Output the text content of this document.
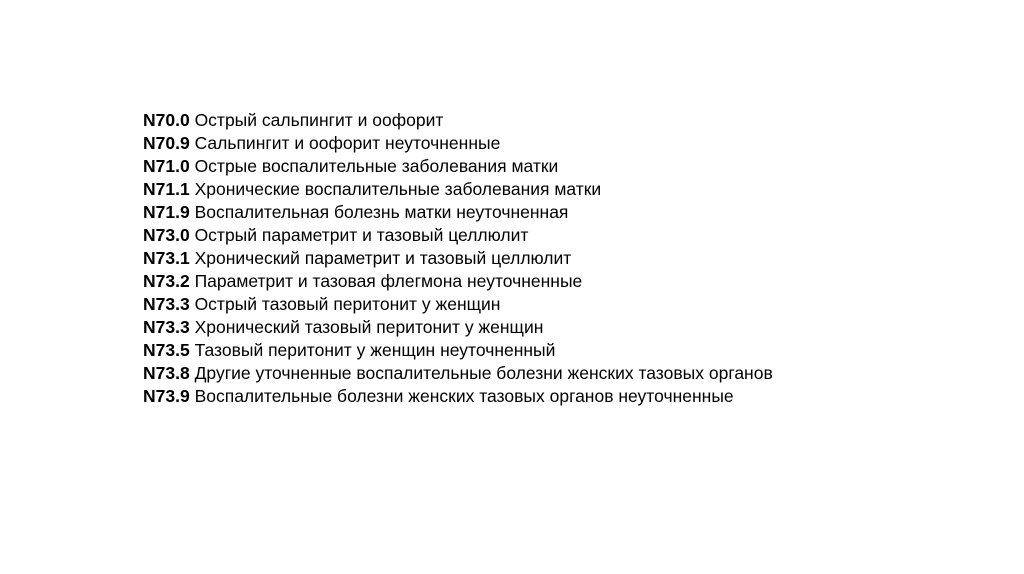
N70.0 Острый сальпингит и оофорит
N70.9 Сальпингит и оофорит неуточненные
N71.0 Острые воспалительные заболевания матки
N71.1 Хронические воспалительные заболевания матки
N71.9 Воспалительная болезнь матки неуточненная
N73.0 Острый параметрит и тазовый целлюлит
N73.1 Хронический параметрит и тазовый целлюлит
N73.2 Параметрит и тазовая флегмона неуточненные
N73.3 Острый тазовый перитонит у женщин
N73.3 Хронический тазовый перитонит у женщин
N73.5 Тазовый перитонит у женщин неуточненный
N73.8 Другие уточненные воспалительные болезни женских тазовых органов
N73.9 Воспалительные болезни женских тазовых органов неуточненные
